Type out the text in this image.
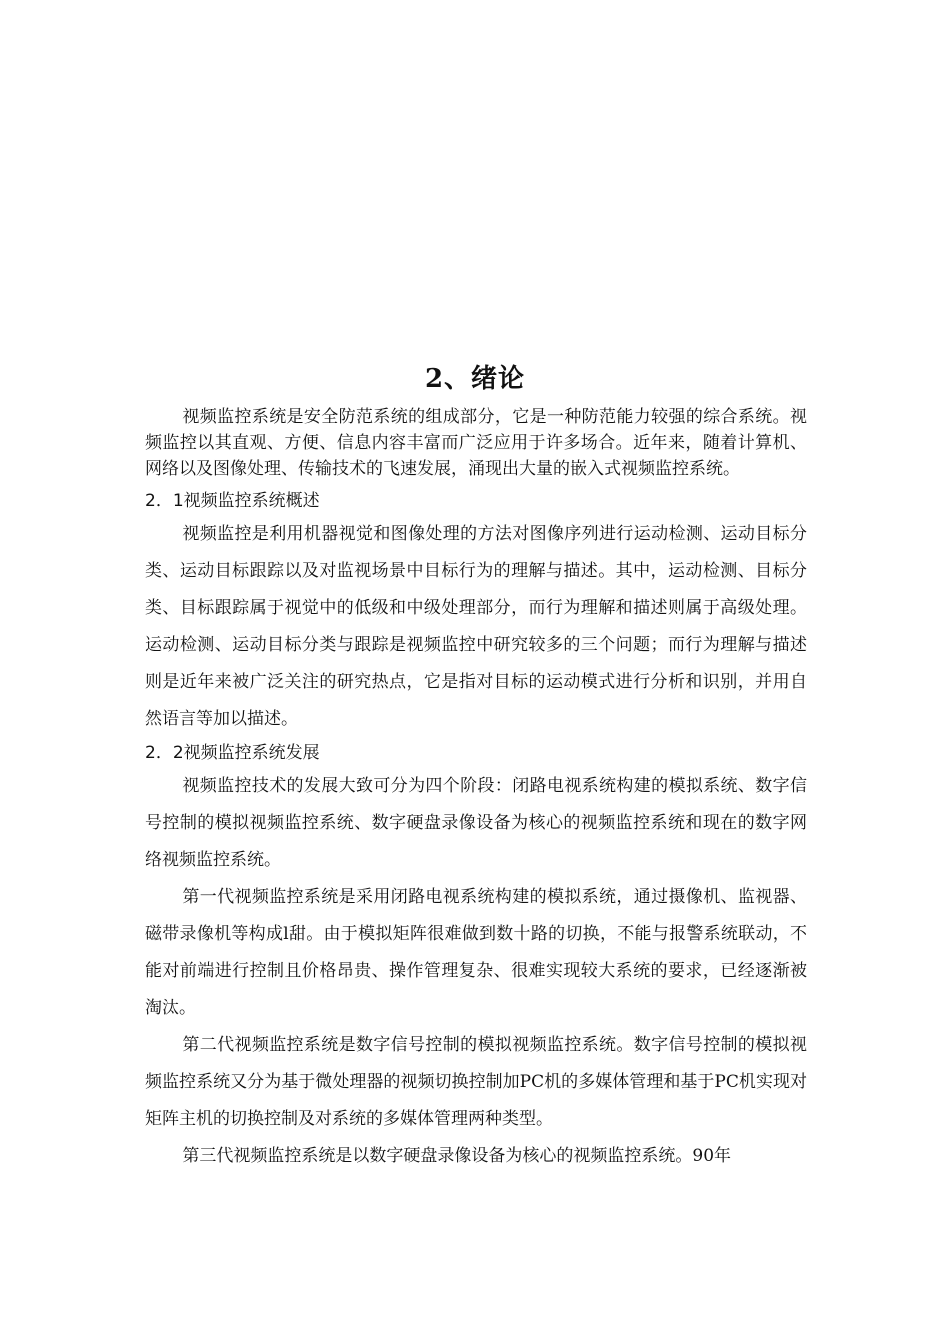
2、绪论

视频监控系统是安全防范系统的组成部分，它是一种防范能力较强的综合系统。视频监控以其直观、方便、信息内容丰富而广泛应用于许多场合。近年来，随着计算机、网络以及图像处理、传输技术的飞速发展，涌现出大量的嵌入式视频监控系统。

2．1视频监控系统概述

视频监控是利用机器视觉和图像处理的方法对图像序列进行运动检测、运动目标分类、运动目标跟踪以及对监视场景中目标行为的理解与描述。其中，运动检测、目标分类、目标跟踪属于视觉中的低级和中级处理部分，而行为理解和描述则属于高级处理。运动检测、运动目标分类与跟踪是视频监控中研究较多的三个问题；而行为理解与描述则是近年来被广泛关注的研究热点，它是指对目标的运动模式进行分析和识别，并用自然语言等加以描述。

2．2视频监控系统发展

视频监控技术的发展大致可分为四个阶段：闭路电视系统构建的模拟系统、数字信号控制的模拟视频监控系统、数字硬盘录像设备为核心的视频监控系统和现在的数字网络视频监控系统。

第一代视频监控系统是采用闭路电视系统构建的模拟系统，通过摄像机、监视器、磁带录像机等构成l甜。由于模拟矩阵很难做到数十路的切换，不能与报警系统联动，不能对前端进行控制且价格昂贵、操作管理复杂、很难实现较大系统的要求，已经逐渐被淘汰。

第二代视频监控系统是数字信号控制的模拟视频监控系统。数字信号控制的模拟视频监控系统又分为基于微处理器的视频切换控制加PC机的多媒体管理和基于PC机实现对矩阵主机的切换控制及对系统的多媒体管理两种类型。

第三代视频监控系统是以数字硬盘录像设备为核心的视频监控系统。90年
